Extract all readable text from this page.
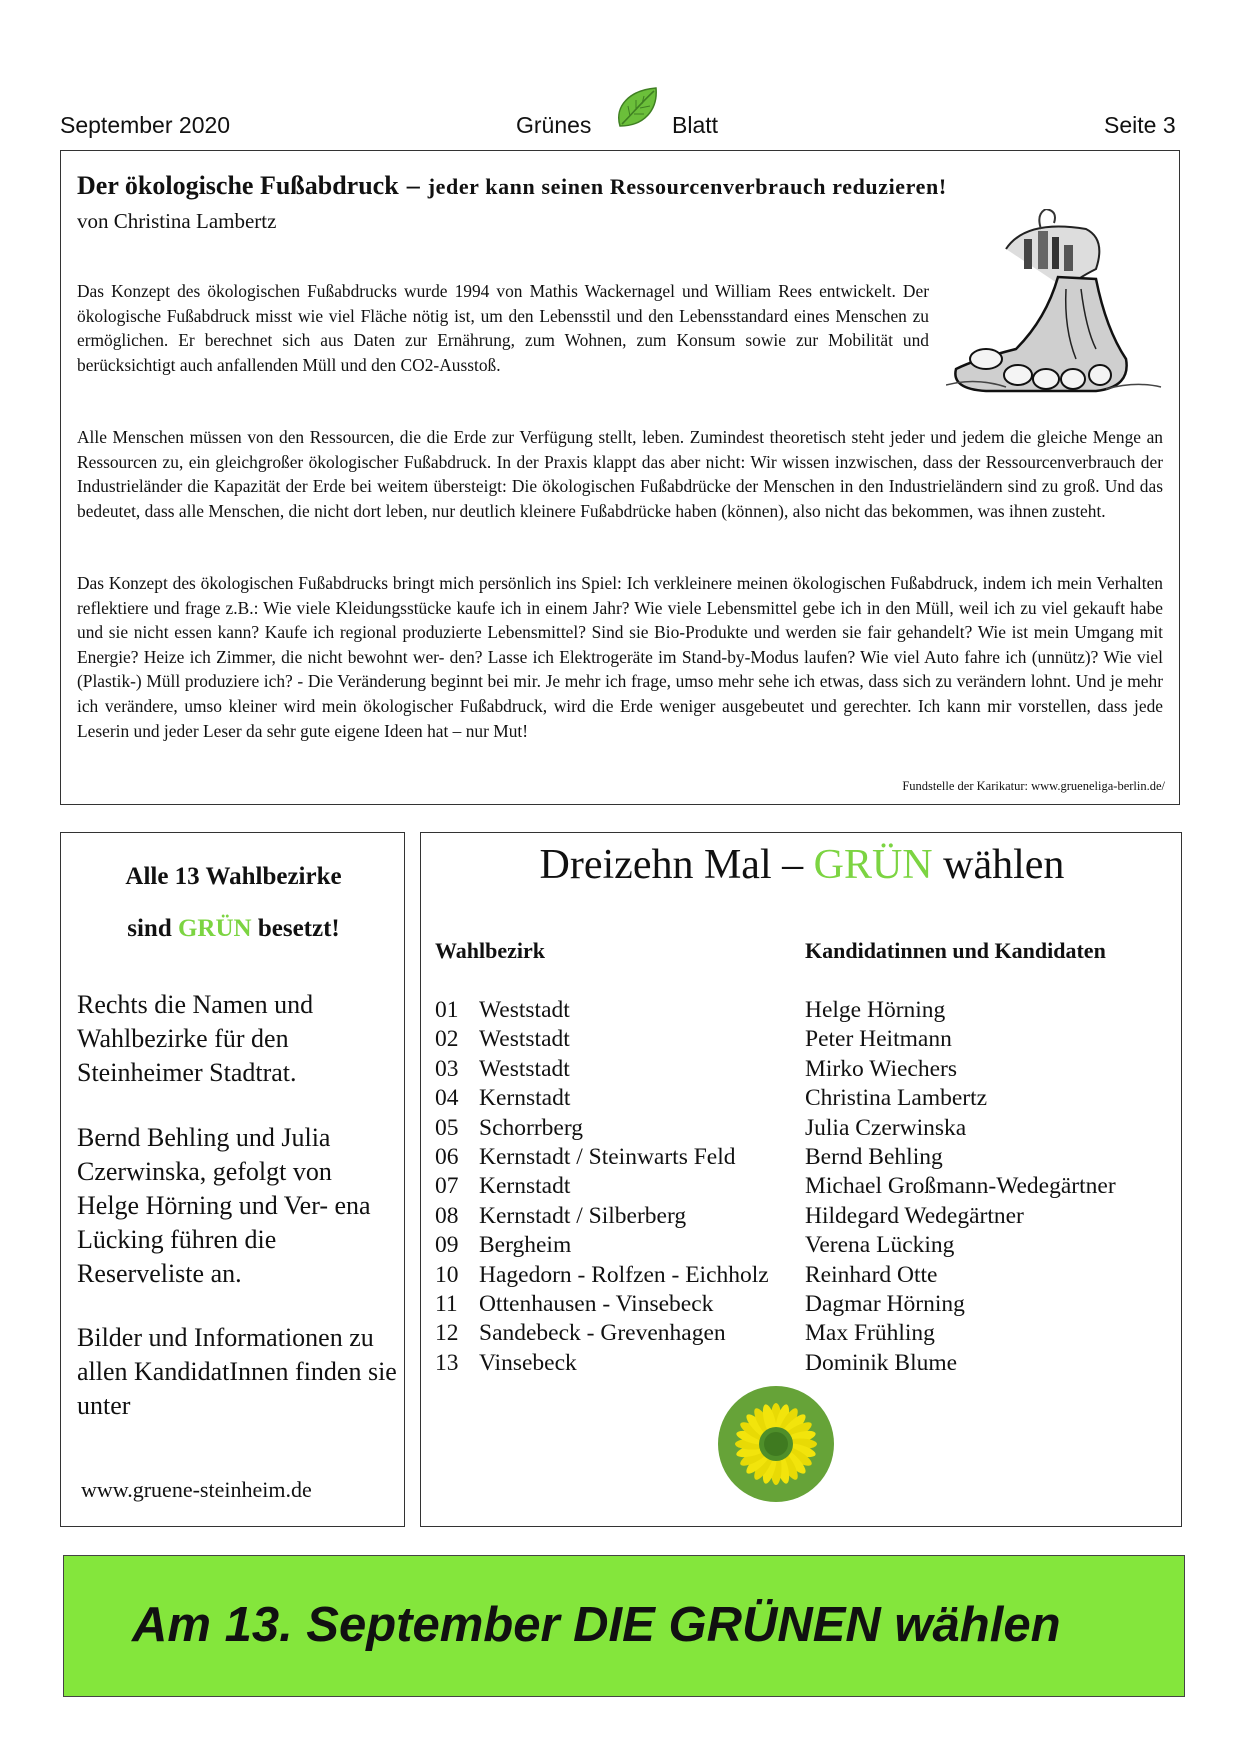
September 2020	Grünes	Blatt	Seite 3
Der ökologische Fußabdruck – jeder kann seinen Ressourcenverbrauch reduzieren!
von Christina Lambertz

Das Konzept des ökologischen Fußabdrucks wurde 1994 von Mathis Wackernagel und William Rees entwickelt. Der ökologische Fußabdruck misst wie viel Fläche nötig ist, um den Lebensstil und den Lebensstandard eines Menschen zu ermöglichen. Er berechnet sich aus Daten zur Ernährung, zum Wohnen, zum Konsum sowie zur Mobilität und berücksichtigt auch anfallenden Müll und den CO2-Ausstoß.

Alle Menschen müssen von den Ressourcen, die die Erde zur Verfügung stellt, leben. Zumindest theoretisch steht jeder und jedem die gleiche Menge an Ressourcen zu, ein gleichgroßer ökologischer Fußabdruck. In der Praxis klappt das aber nicht: Wir wissen inzwischen, dass der Ressourcenverbrauch der Industrieländer die Kapazität der Erde bei weitem übersteigt: Die ökologischen Fußabdrücke der Menschen in den Industrieländern sind zu groß. Und das bedeutet, dass alle Menschen, die nicht dort leben, nur deutlich kleinere Fußabdrücke haben (können), also nicht das bekommen, was ihnen zusteht.

Das Konzept des ökologischen Fußabdrucks bringt mich persönlich ins Spiel: Ich verkleinere meinen ökologischen Fußabdruck, indem ich mein Verhalten reflektiere und frage z.B.: Wie viele Kleidungsstücke kaufe ich in einem Jahr? Wie viele Lebensmittel gebe ich in den Müll, weil ich zu viel gekauft habe und sie nicht essen kann? Kaufe ich regional produzierte Lebensmittel? Sind sie Bio-Produkte und werden sie fair gehandelt? Wie ist mein Umgang mit Energie? Heize ich Zimmer, die nicht bewohnt wer- den? Lasse ich Elektrogeräte im Stand-by-Modus laufen? Wie viel Auto fahre ich (unnütz)? Wie viel (Plastik-) Müll produziere ich? - Die Veränderung beginnt bei mir. Je mehr ich frage, umso mehr sehe ich etwas, dass sich zu verändern lohnt. Und je mehr ich verändere, umso kleiner wird mein ökologischer Fußabdruck, wird die Erde weniger ausgebeutet und gerechter. Ich kann mir vorstellen, dass jede Leserin und jeder Leser da sehr gute eigene Ideen hat – nur Mut!

Fundstelle der Karikatur: www.grueneliga-berlin.de/
Alle 13 Wahlbezirke
sind GRÜN besetzt!

Rechts die Namen und Wahlbezirke für den Steinheimer Stadtrat.

Bernd Behling und Julia Czerwinska, gefolgt von Helge Hörning und Ver- ena Lücking führen die Reserveliste an.

Bilder und Informationen zu allen KandidatInnen finden sie unter

www.gruene-steinheim.de
Dreizehn Mal – GRÜN wählen
Wahlbezirk	Kandidatinnen und Kandidaten
01	Weststadt	Helge Hörning
02	Weststadt	Peter Heitmann
03	Weststadt	Mirko Wiechers
04	Kernstadt	Christina Lambertz
05	Schorrberg	Julia Czerwinska
06	Kernstadt / Steinwarts Feld	Bernd Behling
07	Kernstadt	Michael Großmann-Wedegärtner
08	Kernstadt / Silberberg	Hildegard Wedegärtner
09	Bergheim	Verena Lücking
10	Hagedorn - Rolfzen - Eichholz	Reinhard Otte
11	Ottenhausen - Vinsebeck	Dagmar Hörning
12	Sandebeck - Grevenhagen	Max Frühling
13	Vinsebeck	Dominik Blume
Am 13. September DIE GRÜNEN wählen
